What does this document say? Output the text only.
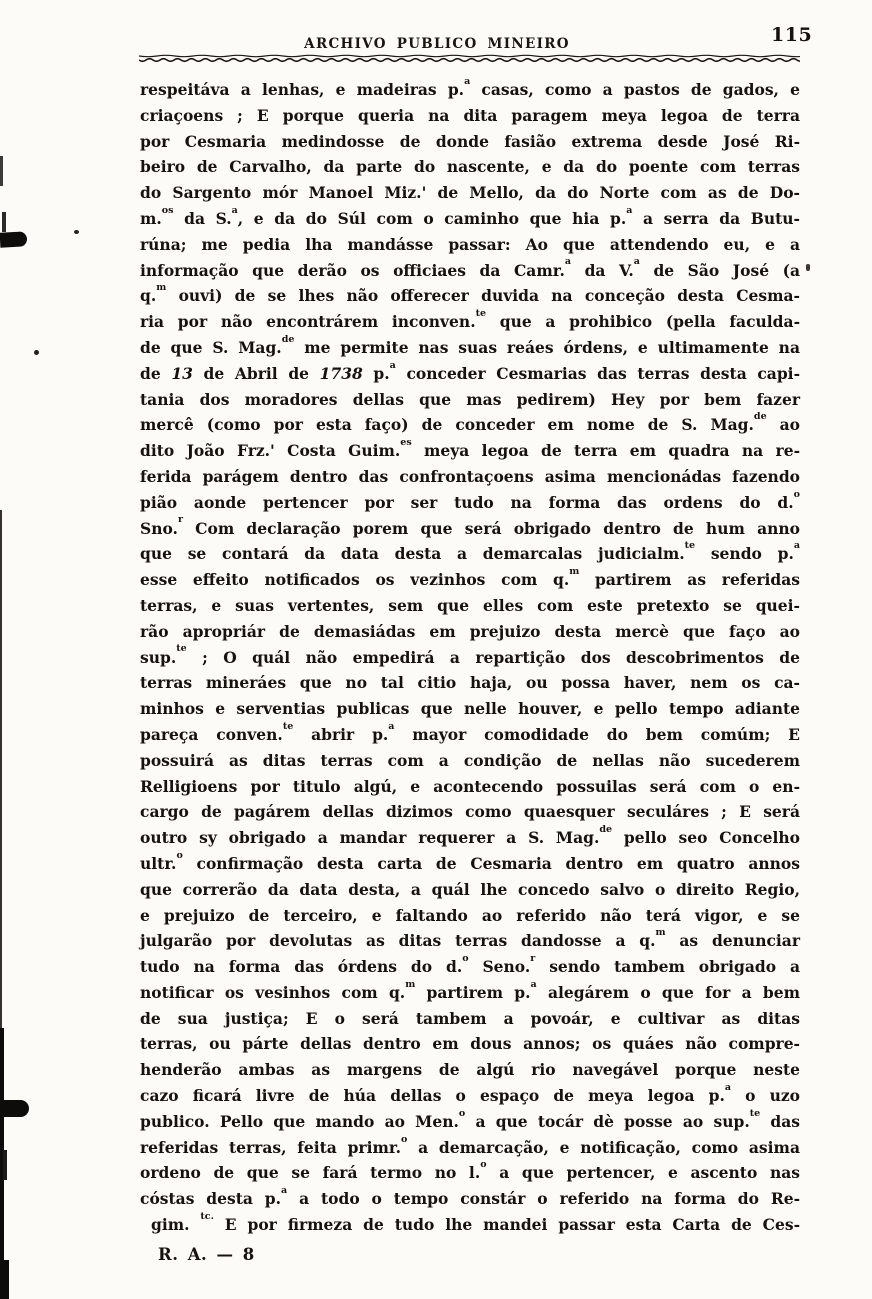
ARCHIVO PUBLICO MINEIRO	115
respeitáva a lenhas, e madeiras p.$^a$ casas, como a pastos de gados, e
criaçoens ; E porque queria na dita paragem meya legoa de terra
por Cesmaria medindosse de donde fasião extrema desde José Ri-
beiro de Carvalho, da parte do nascente, e da do poente com terras
do Sargento mór Manoel Miz.' de Mello, da do Norte com as de Do-
m.$^{os}$ da S.$^a$, e da do Súl com o caminho que hia p.$^a$ a serra da Butu-
rúna; me pedia lha mandásse passar: Ao que attendendo eu, e a
informação que derão os officiaes da Camr.$^a$ da V.$^a$ de São José (a
q.$^m$ ouvi) de se lhes não offerecer duvida na conceção desta Cesma-
ria por não encontrárem inconven.$^{te}$ que a prohibico (pella faculda-
de que S. Mag.$^{de}$ me permite nas suas reáes órdens, e ultimamente na
de 13 de Abril de 1738 p.$^a$ conceder Cesmarias das terras desta capi-
tania dos moradores dellas que mas pedirem) Hey por bem fazer
mercê (como por esta faço) de conceder em nome de S. Mag.$^{de}$ ao
dito João Frz.' Costa Guim.$^{es}$ meya legoa de terra em quadra na re-
ferida parágem dentro das confrontaçoens asima mencionádas fazendo
pião aonde pertencer por ser tudo na forma das ordens do d.$^o$
Sno.$^r$ Com declaração porem que será obrigado dentro de hum anno
que se contará da data desta a demarcalas judicialm.$^{te}$ sendo p.$^a$
esse effeito notificados os vezinhos com q.$^m$ partirem as referidas
terras, e suas vertentes, sem que elles com este pretexto se quei-
rão apropriár de demasiádas em prejuizo desta mercè que faço ao
sup.$^{te}$ ; O quál não empedirá a repartição dos descobrimentos de
terras mineráes que no tal citio haja, ou possa haver, nem os ca-
minhos e serventias publicas que nelle houver, e pello tempo adiante
pareça conven.$^{te}$ abrir p.$^a$ mayor comodidade do bem comúm; E
possuirá as ditas terras com a condição de nellas não sucederem
Relligioens por titulo algú, e acontecendo possuilas será com o en-
cargo de pagárem dellas dizimos como quaesquer seculáres ; E será
outro sy obrigado a mandar requerer a S. Mag.$^{de}$ pello seo Concelho
ultr.$^o$ confirmação desta carta de Cesmaria dentro em quatro annos
que correrão da data desta, a quál lhe concedo salvo o direito Regio,
e prejuizo de terceiro, e faltando ao referido não terá vigor, e se
julgarão por devolutas as ditas terras dandosse a q.$^m$ as denunciar
tudo na forma das órdens do d.$^o$ Seno.$^r$ sendo tambem obrigado a
notificar os vesinhos com q.$^m$ partirem p.$^a$ alegárem o que for a bem
de sua justiça; E o será tambem a povoár, e cultivar as ditas
terras, ou párte dellas dentro em dous annos; os quáes não compre-
henderão ambas as margens de algú rio navegável porque neste
cazo ficará livre de húa dellas o espaço de meya legoa p.$^a$ o uzo
publico. Pello que mando ao Men.$^o$ a que tocár dè posse ao sup.$^{te}$ das
referidas terras, feita primr.$^o$ a demarcação, e notificação, como asima
ordeno de que se fará termo no l.$^o$ a que pertencer, e ascento nas
cóstas desta p.$^a$ a todo o tempo constár o referido na forma do Re-
gim. $^{tc.}$ E por firmeza de tudo lhe mandei passar esta Carta de Ces-
R. A. — 8
